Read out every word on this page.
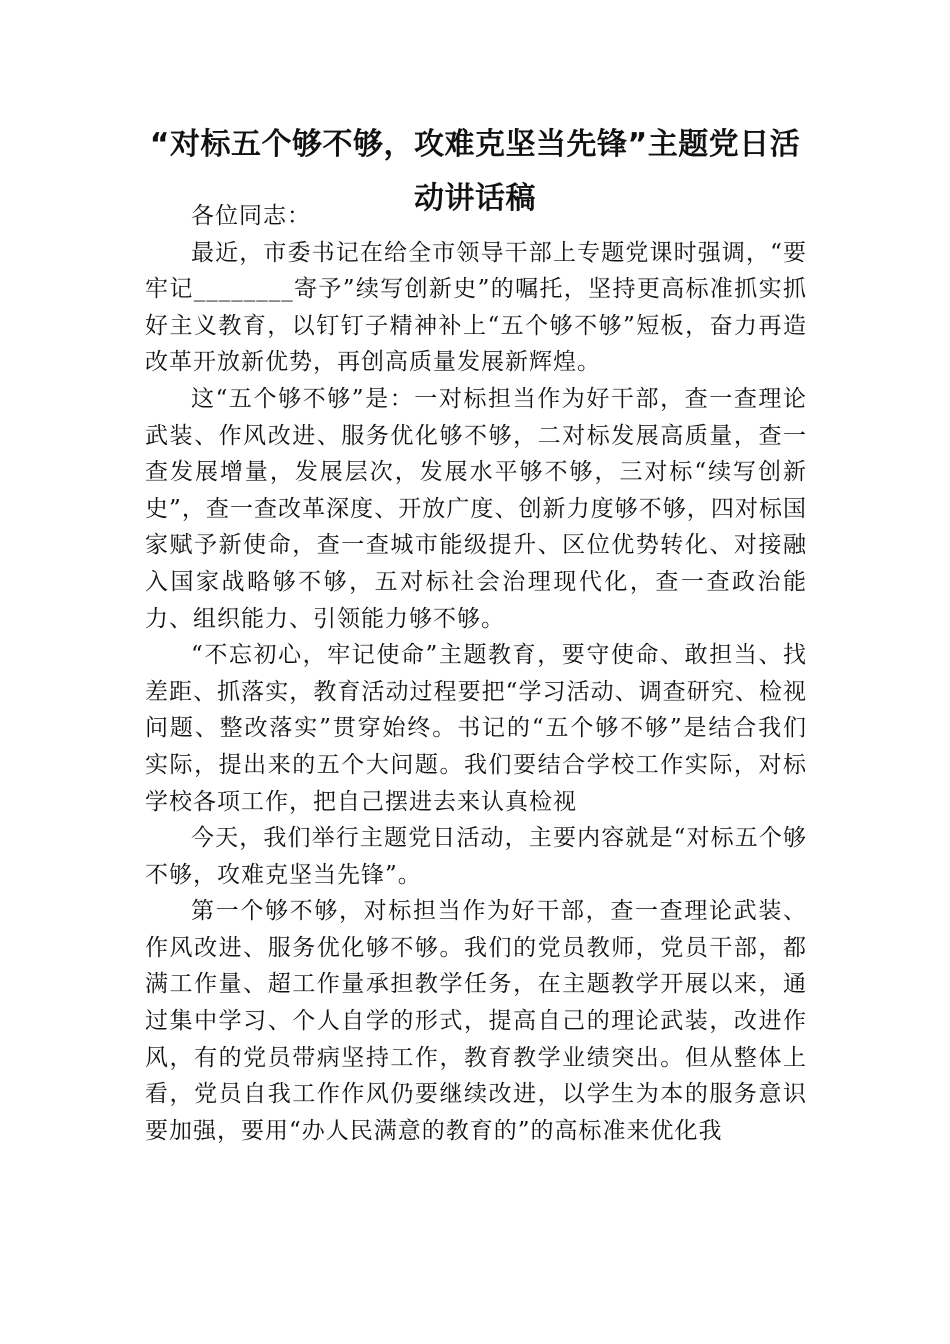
“对标五个够不够，攻难克坚当先锋”主题党日活动讲话稿

各位同志：

最近，市委书记在给全市领导干部上专题党课时强调，“要牢记________寄予”续写创新史”的嘱托，坚持更高标准抓实抓好主义教育，以钉钉子精神补上“五个够不够”短板，奋力再造改革开放新优势，再创高质量发展新辉煌。

这“五个够不够”是：一对标担当作为好干部，查一查理论武装、作风改进、服务优化够不够，二对标发展高质量，查一查发展增量，发展层次，发展水平够不够，三对标“续写创新史”，查一查改革深度、开放广度、创新力度够不够，四对标国家赋予新使命，查一查城市能级提升、区位优势转化、对接融入国家战略够不够，五对标社会治理现代化，查一查政治能力、组织能力、引领能力够不够。

“不忘初心，牢记使命”主题教育，要守使命、敢担当、找差距、抓落实，教育活动过程要把“学习活动、调查研究、检视问题、整改落实”贯穿始终。书记的“五个够不够”是结合我们实际，提出来的五个大问题。我们要结合学校工作实际，对标学校各项工作，把自己摆进去来认真检视

今天，我们举行主题党日活动，主要内容就是“对标五个够不够，攻难克坚当先锋”。

第一个够不够，对标担当作为好干部，查一查理论武装、作风改进、服务优化够不够。我们的党员教师，党员干部，都满工作量、超工作量承担教学任务，在主题教学开展以来，通过集中学习、个人自学的形式，提高自己的理论武装，改进作风，有的党员带病坚持工作，教育教学业绩突出。但从整体上看，党员自我工作作风仍要继续改进，以学生为本的服务意识要加强，要用“办人民满意的教育的”的高标准来优化我
